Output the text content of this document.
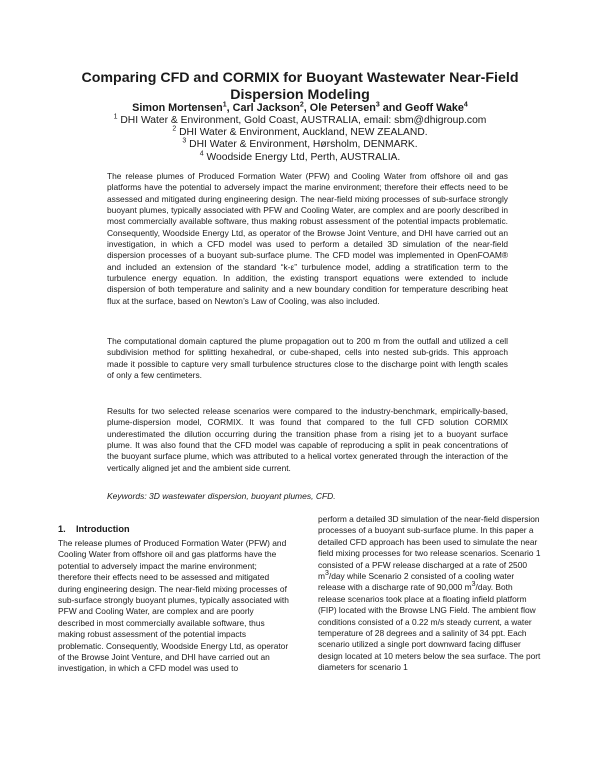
Comparing CFD and CORMIX for Buoyant Wastewater Near-Field
Dispersion Modeling
Simon Mortensen$^1$, Carl Jackson$^2$, Ole Petersen$^3$ and Geoff Wake$^4$
$^1$ DHI Water & Environment, Gold Coast, AUSTRALIA, email: sbm@dhigroup.com
$^2$ DHI Water & Environment, Auckland, NEW ZEALAND.
$^3$ DHI Water & Environment, Hørsholm, DENMARK.
$^4$ Woodside Energy Ltd, Perth, AUSTRALIA.

The release plumes of Produced Formation Water (PFW) and Cooling Water from offshore oil and gas platforms have the potential to adversely impact the marine environment; therefore their effects need to be assessed and mitigated during engineering design. The near-field mixing processes of sub-surface strongly buoyant plumes, typically associated with PFW and Cooling Water, are complex and are poorly described in most commercially available software, thus making robust assessment of the potential impacts problematic. Consequently, Woodside Energy Ltd, as operator of the Browse Joint Venture, and DHI have carried out an investigation, in which a CFD model was used to perform a detailed 3D simulation of the near-field dispersion processes of a buoyant sub-surface plume. The CFD model was implemented in OpenFOAM® and included an extension of the standard “k-ε” turbulence model, adding a stratification term to the turbulence energy equation. In addition, the existing transport equations were extended to include dispersion of both temperature and salinity and a new boundary condition for temperature describing heat flux at the surface, based on Newton’s Law of Cooling, was also included.

The computational domain captured the plume propagation out to 200 m from the outfall and utilized a cell subdivision method for splitting hexahedral, or cube-shaped, cells into nested sub-grids. This approach made it possible to capture very small turbulence structures close to the discharge point with length scales of only a few centimeters.

Results for two selected release scenarios were compared to the industry-benchmark, empirically-based, plume-dispersion model, CORMIX. It was found that compared to the full CFD solution CORMIX underestimated the dilution occurring during the transition phase from a rising jet to a buoyant surface plume. It was also found that the CFD model was capable of reproducing a split in peak concentrations of the buoyant surface plume, which was attributed to a helical vortex generated through the interaction of the vertically aligned jet and the ambient side current.

Keywords: 3D wastewater dispersion, buoyant plumes, CFD.
1. Introduction

The release plumes of Produced Formation Water (PFW) and Cooling Water from offshore oil and gas platforms have the potential to adversely impact the marine environment; therefore their effects need to be assessed and mitigated during engineering design. The near-field mixing processes of sub-surface strongly buoyant plumes, typically associated with PFW and Cooling Water, are complex and are poorly described in most commercially available software, thus making robust assessment of the potential impacts problematic. Consequently, Woodside Energy Ltd, as operator of the Browse Joint Venture, and DHI have carried out an investigation, in which a CFD model was used to

perform a detailed 3D simulation of the near-field dispersion processes of a buoyant sub-surface plume. In this paper a detailed CFD approach has been used to simulate the near field mixing processes for two release scenarios. Scenario 1 consisted of a PFW release discharged at a rate of 2500 $m^3$/day while Scenario 2 consisted of a cooling water release with a discharge rate of 90,000 $m^3$/day. Both release scenarios took place at a floating infield platform (FIP) located with the Browse LNG Field. The ambient flow conditions consisted of a 0.22 m/s steady current, a water temperature of 28 degrees and a salinity of 34 ppt. Each scenario utilized a single port downward facing diffuser design located at 10 meters below the sea surface. The port diameters for scenario 1
